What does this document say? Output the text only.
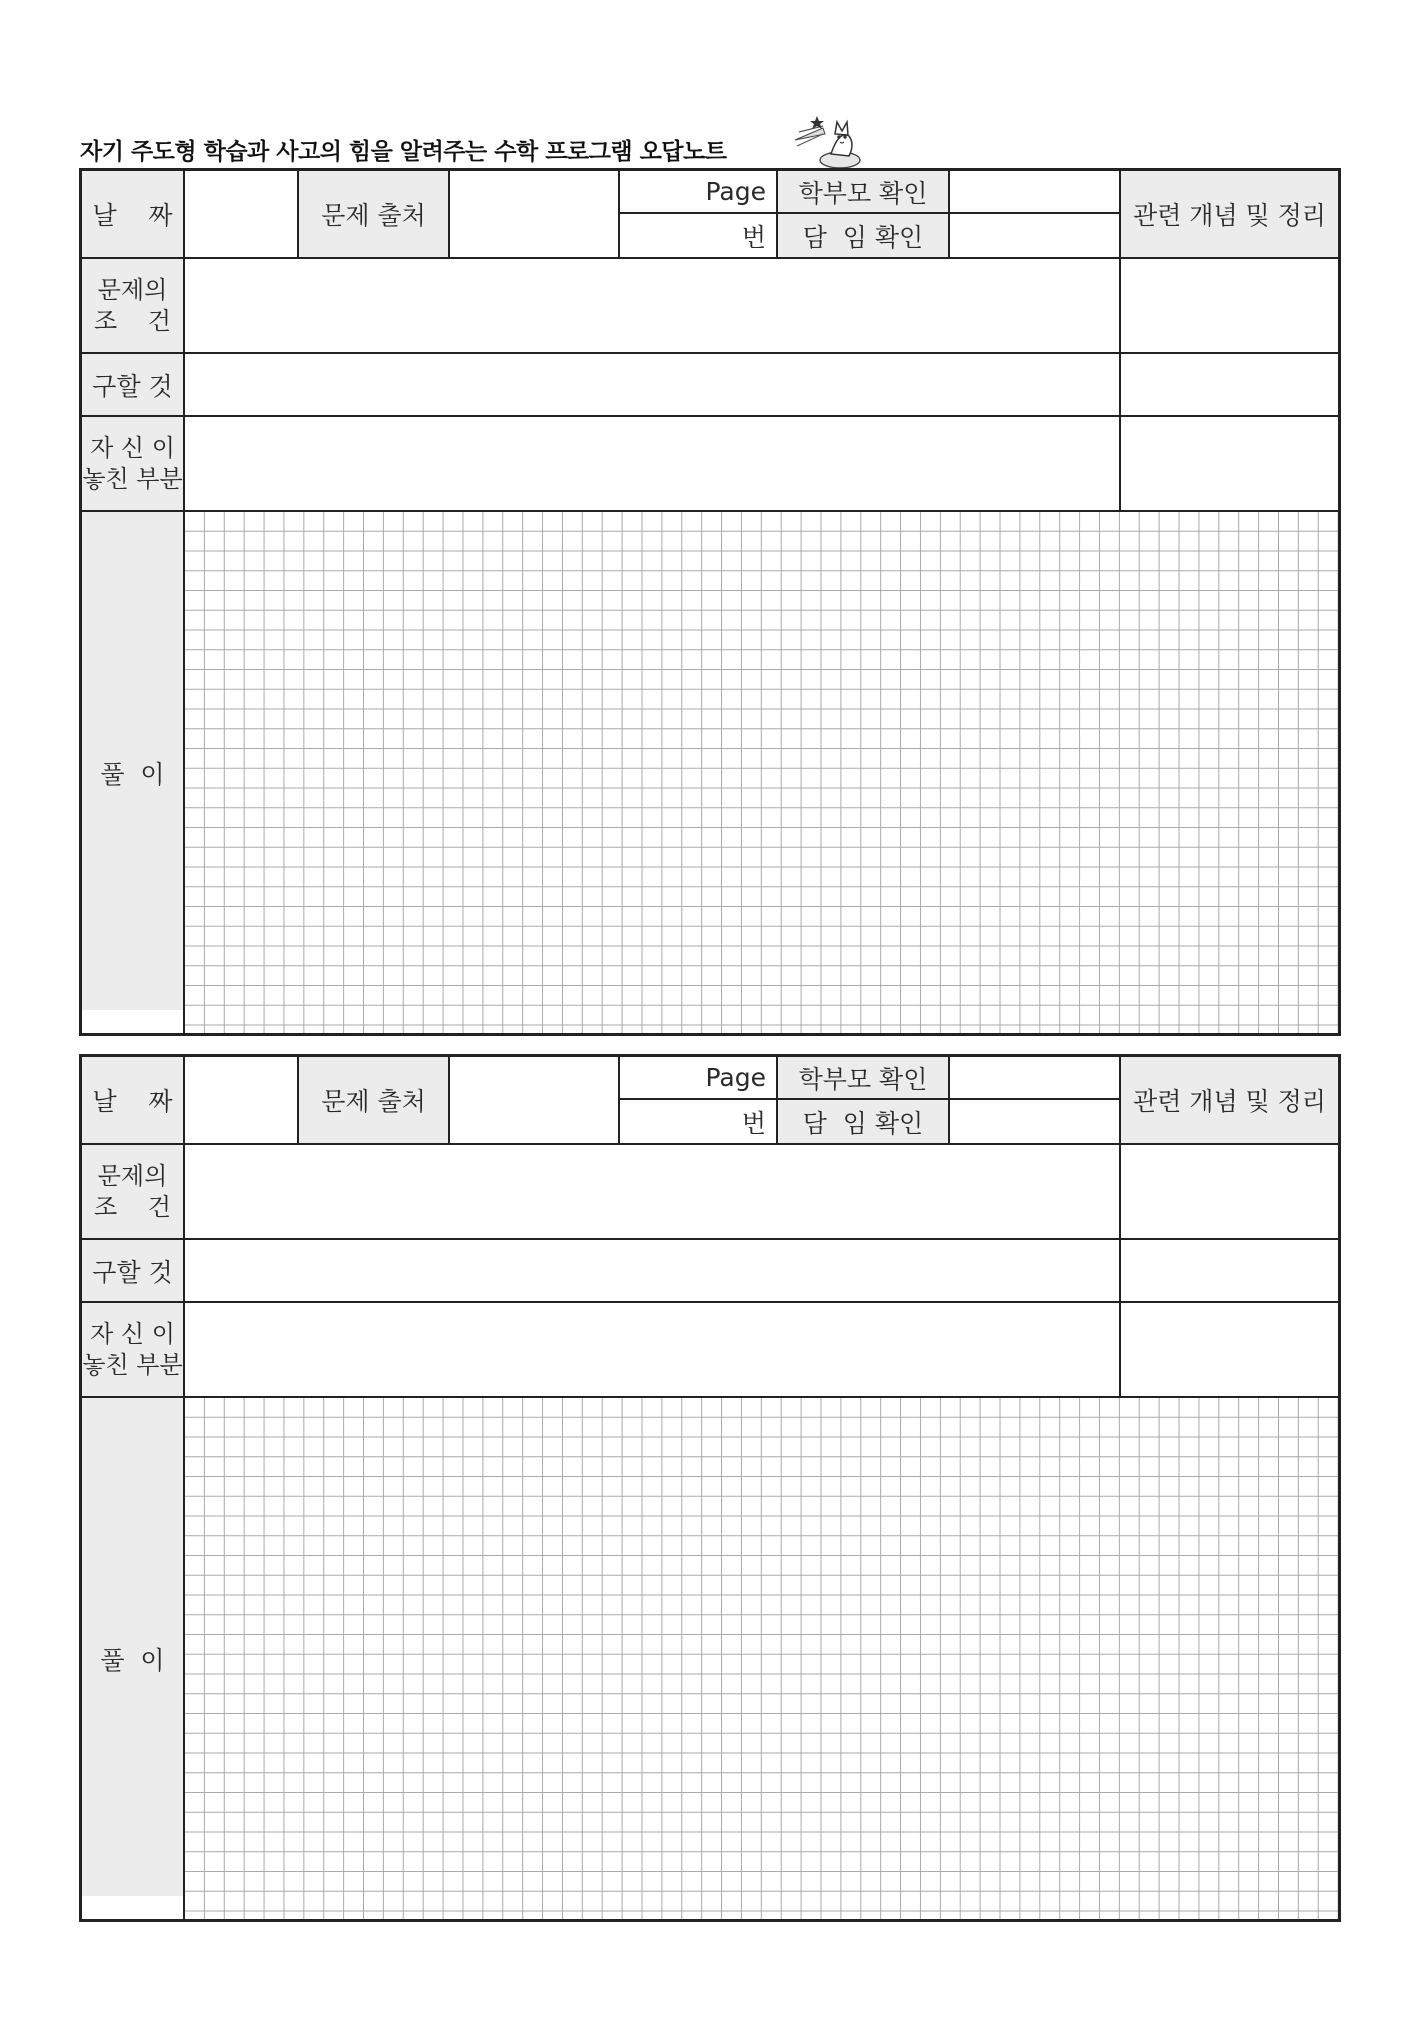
자기 주도형 학습과 사고의 힘을 알려주는 수학 프로그램 오답노트
날    짜	문제 출처
Page
번
학부모 확인
담  임 확인
관련 개념 및 정리
문제의
조    건
구할 것
자 신 이
놓친 부분
풀  이
날    짜	문제 출처
Page
번
학부모 확인
담  임 확인
관련 개념 및 정리
문제의
조    건
구할 것
자 신 이
놓친 부분
풀  이
